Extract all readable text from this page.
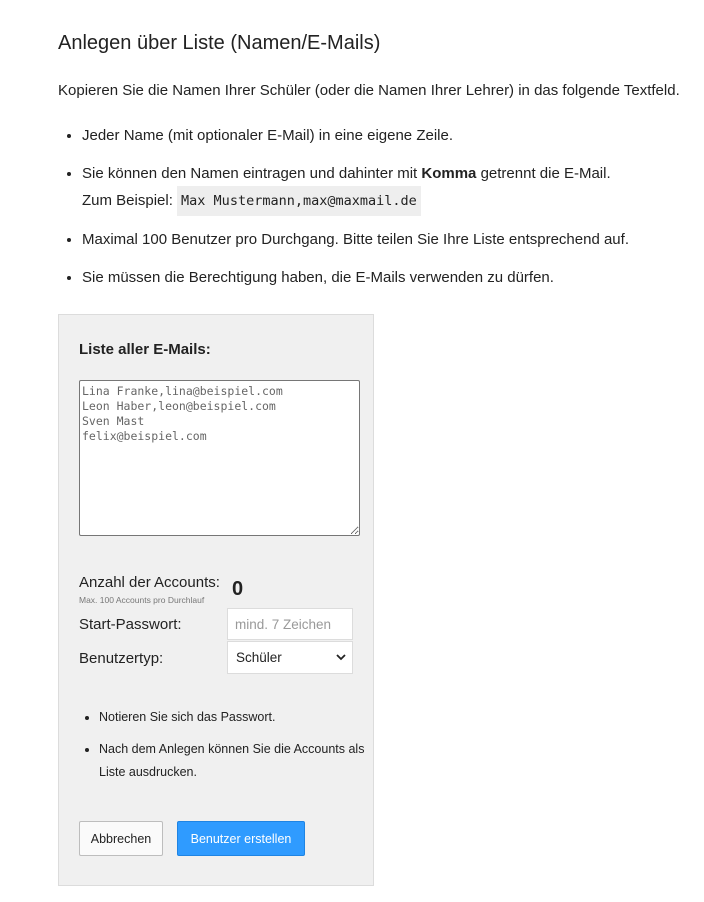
Anlegen über Liste (Namen/E-Mails)

Kopieren Sie die Namen Ihrer Schüler (oder die Namen Ihrer Lehrer) in das folgende Textfeld.

• Jeder Name (mit optionaler E-Mail) in eine eigene Zeile.
• Sie können den Namen eintragen und dahinter mit Komma getrennt die E-Mail.
Zum Beispiel: Max Mustermann,max@maxmail.de
• Maximal 100 Benutzer pro Durchgang. Bitte teilen Sie Ihre Liste entsprechend auf.
• Sie müssen die Berechtigung haben, die E-Mails verwenden zu dürfen.
Liste aller E-Mails:
Lina Franke,lina@beispiel.com Leon Haber,leon@beispiel.com Sven Mast felix@beispiel.com
Anzahl der Accounts:
Max. 100 Accounts pro Durchlauf 0
Start-Passwort:
mind. 7 Zeichen
Benutzertyp:	Schüler
• Notieren Sie sich das Passwort.
• Nach dem Anlegen können Sie die Accounts als Liste ausdrucken.
Abbrechen	Benutzer erstellen
